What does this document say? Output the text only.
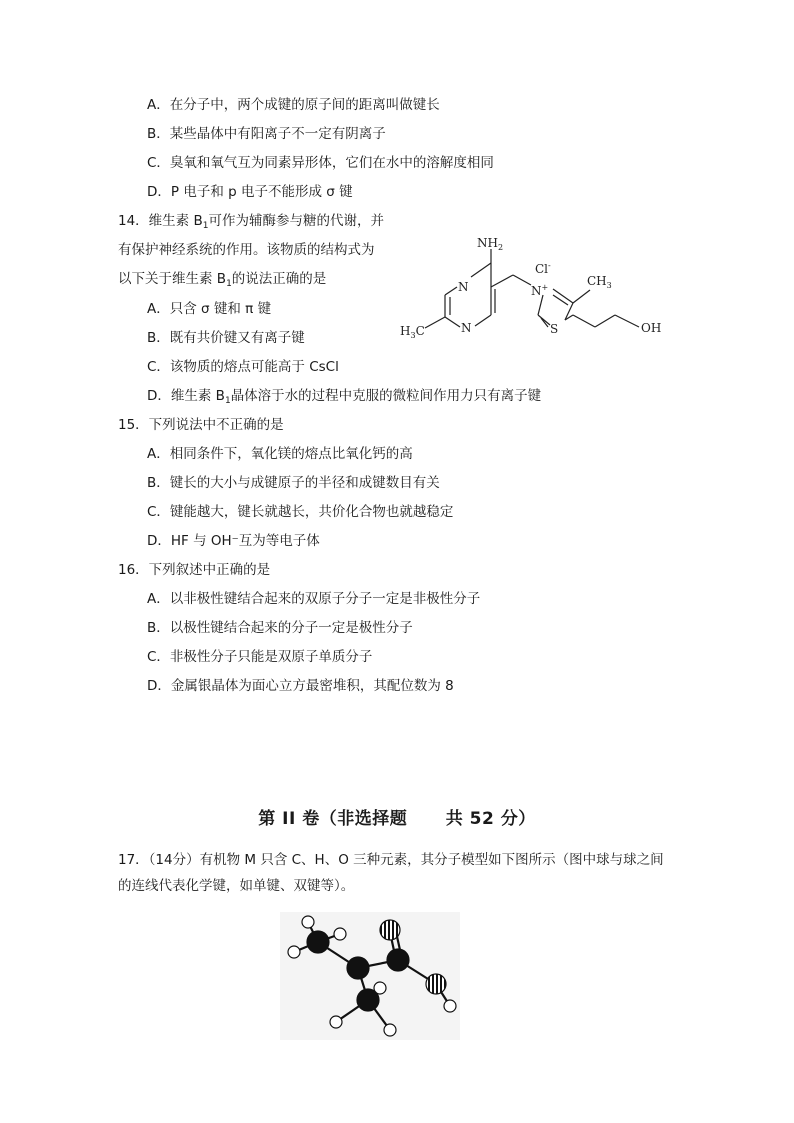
A．在分子中，两个成键的原子间的距离叫做键长
B．某些晶体中有阳离子不一定有阴离子
C．臭氧和氧气互为同素异形体，它们在水中的溶解度相同
D．P 电子和 p 电子不能形成 σ 键
14．维生素 $B_1$可作为辅酶参与糖的代谢，并
有保护神经系统的作用。该物质的结构式为
以下关于维生素 $B_1$的说法正确的是
A．只含 σ 键和 π 键
B．既有共价键又有离子键
C．该物质的熔点可能高于 CsCl
D．维生素 $B_1$晶体溶于水的过程中克服的微粒间作用力只有离子键
$NH_2$
Cl-
N
N
N+
S
$CH_3$
$H_3C$	OH
15．下列说法中不正确的是
A．相同条件下，氧化镁的熔点比氧化钙的高
B．键长的大小与成键原子的半径和成键数目有关
C．键能越大，键长就越长，共价化合物也就越稳定
D．HF 与 OH⁻互为等电子体
16．下列叙述中正确的是
A．以非极性键结合起来的双原子分子一定是非极性分子
B．以极性键结合起来的分子一定是极性分子
C．非极性分子只能是双原子单质分子
D．金属银晶体为面心立方最密堆积，其配位数为 8
第 II 卷（非选择题      共 52 分）
17．（14分）有机物 M 只含 C、H、O 三种元素，其分子模型如下图所示（图中球与球之间
的连线代表化学键，如单键、双键等）。
